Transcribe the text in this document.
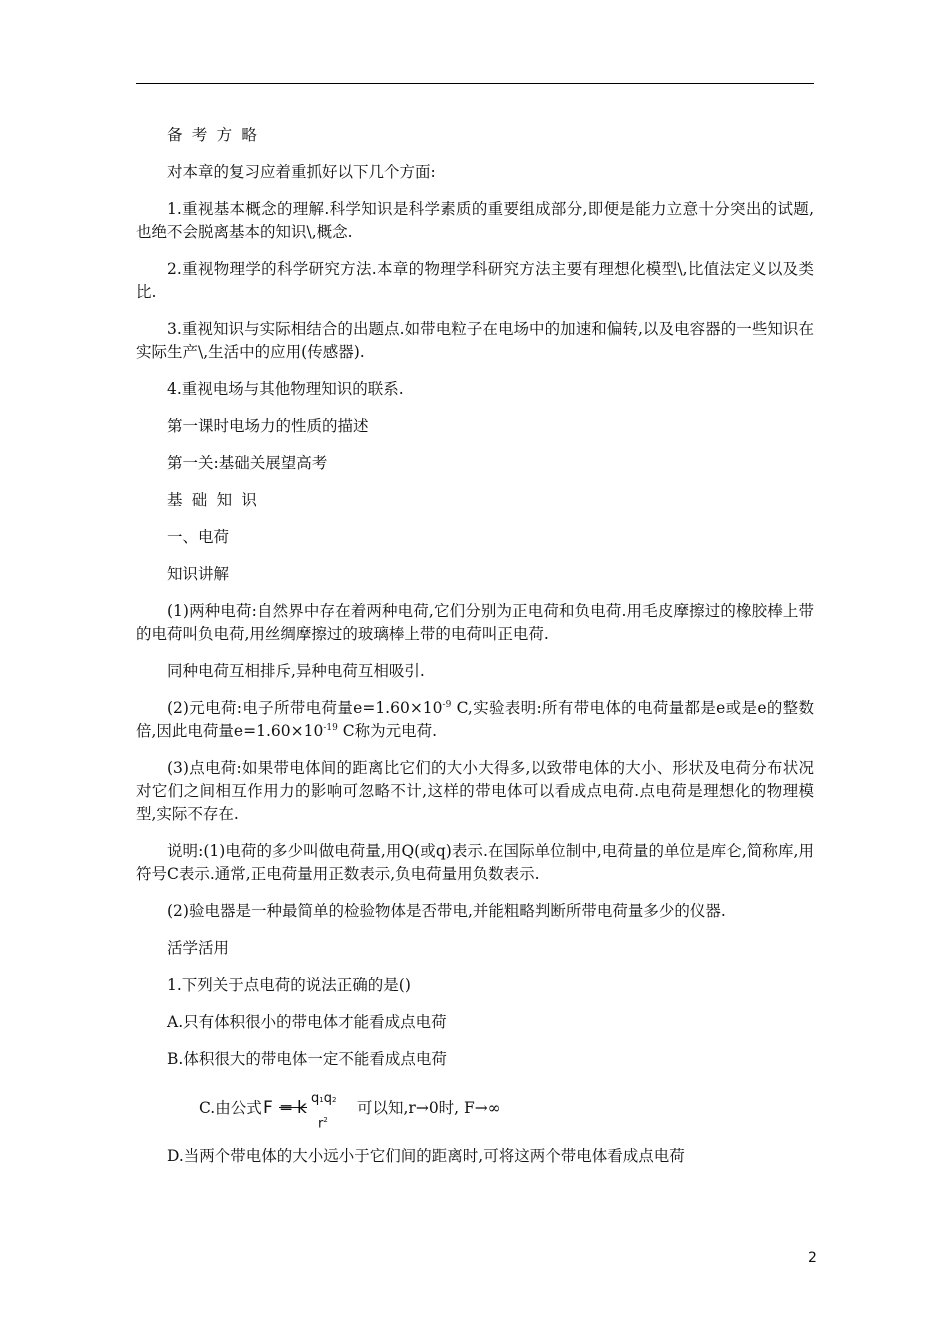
备考方略

对本章的复习应着重抓好以下几个方面:

1.重视基本概念的理解.科学知识是科学素质的重要组成部分,即便是能力立意十分突出的试题,也绝不会脱离基本的知识\,概念.

2.重视物理学的科学研究方法.本章的物理学科研究方法主要有理想化模型\,比值法定义以及类比.

3.重视知识与实际相结合的出题点.如带电粒子在电场中的加速和偏转,以及电容器的一些知识在实际生产\,生活中的应用(传感器).

4.重视电场与其他物理知识的联系.

第一课时电场力的性质的描述

第一关:基础关展望高考

基础知识

一、电荷

知识讲解

(1)两种电荷:自然界中存在着两种电荷,它们分别为正电荷和负电荷.用毛皮摩擦过的橡胶棒上带的电荷叫负电荷,用丝绸摩擦过的玻璃棒上带的电荷叫正电荷.

同种电荷互相排斥,异种电荷互相吸引.

(2)元电荷:电子所带电荷量$e=1.60\times 10^{-9}$ C,实验表明:所有带电体的电荷量都是e或是e的整数倍,因此电荷量$e=1.60\times 10^{-19}$ C称为元电荷.

(3)点电荷:如果带电体间的距离比它们的大小大得多,以致带电体的大小、形状及电荷分布状况对它们之间相互作用力的影响可忽略不计,这样的带电体可以看成点电荷.点电荷是理想化的物理模型,实际不存在.

说明:(1)电荷的多少叫做电荷量,用Q(或q)表示.在国际单位制中,电荷量的单位是库仑,简称库,用符号C表示.通常,正电荷量用正数表示,负电荷量用负数表示.

(2)验电器是一种最简单的检验物体是否带电,并能粗略判断所带电荷量多少的仪器.

活学活用

1.下列关于点电荷的说法正确的是()

A.只有体积很小的带电体才能看成点电荷

B.体积很大的带电体一定不能看成点电荷

C.由公式 F = k q1q2
$r^2$
可以知,r→0时, F→∞

D.当两个带电体的大小远小于它们间的距离时,可将这两个带电体看成点电荷

2
